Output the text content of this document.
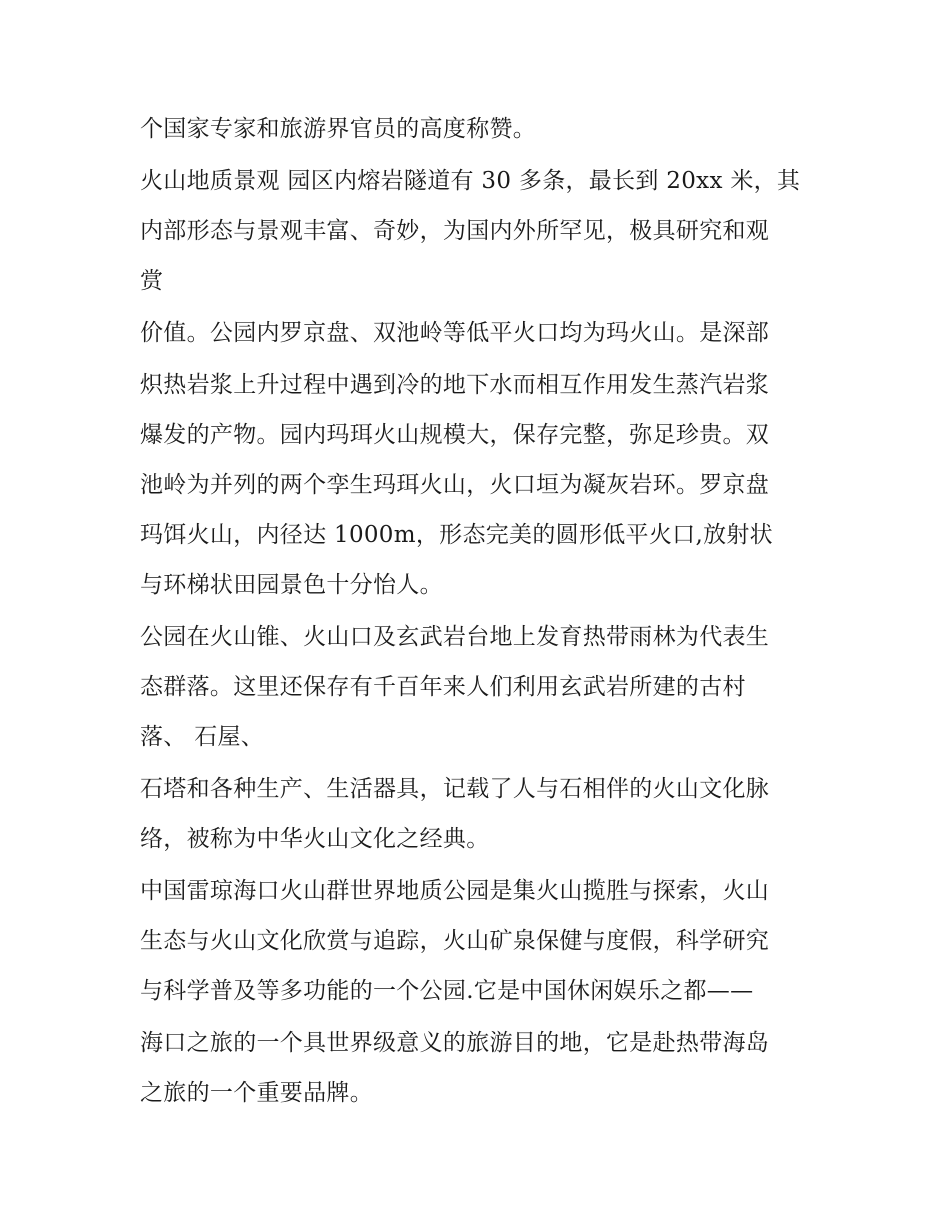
个国家专家和旅游界官员的高度称赞。
火山地质景观 园区内熔岩隧道有 30 多条，最长到 20xx 米，其
内部形态与景观丰富、奇妙，为国内外所罕见，极具研究和观
赏
价值。公园内罗京盘、双池岭等低平火口均为玛火山。是深部
炽热岩浆上升过程中遇到冷的地下水而相互作用发生蒸汽岩浆
爆发的产物。园内玛珥火山规模大，保存完整，弥足珍贵。双
池岭为并列的两个孪生玛珥火山，火口垣为凝灰岩环。罗京盘
玛饵火山，内径达 1000m，形态完美的圆形低平火口,放射状
与环梯状田园景色十分怡人。
公园在火山锥、火山口及玄武岩台地上发育热带雨林为代表生
态群落。这里还保存有千百年来人们利用玄武岩所建的古村
落、 石屋、
石塔和各种生产、生活器具，记载了人与石相伴的火山文化脉
络，被称为中华火山文化之经典。
中国雷琼海口火山群世界地质公园是集火山揽胜与探索，火山
生态与火山文化欣赏与追踪，火山矿泉保健与度假，科学研究
与科学普及等多功能的一个公园.它是中国休闲娱乐之都——
海口之旅的一个具世界级意义的旅游目的地，它是赴热带海岛
之旅的一个重要品牌。
